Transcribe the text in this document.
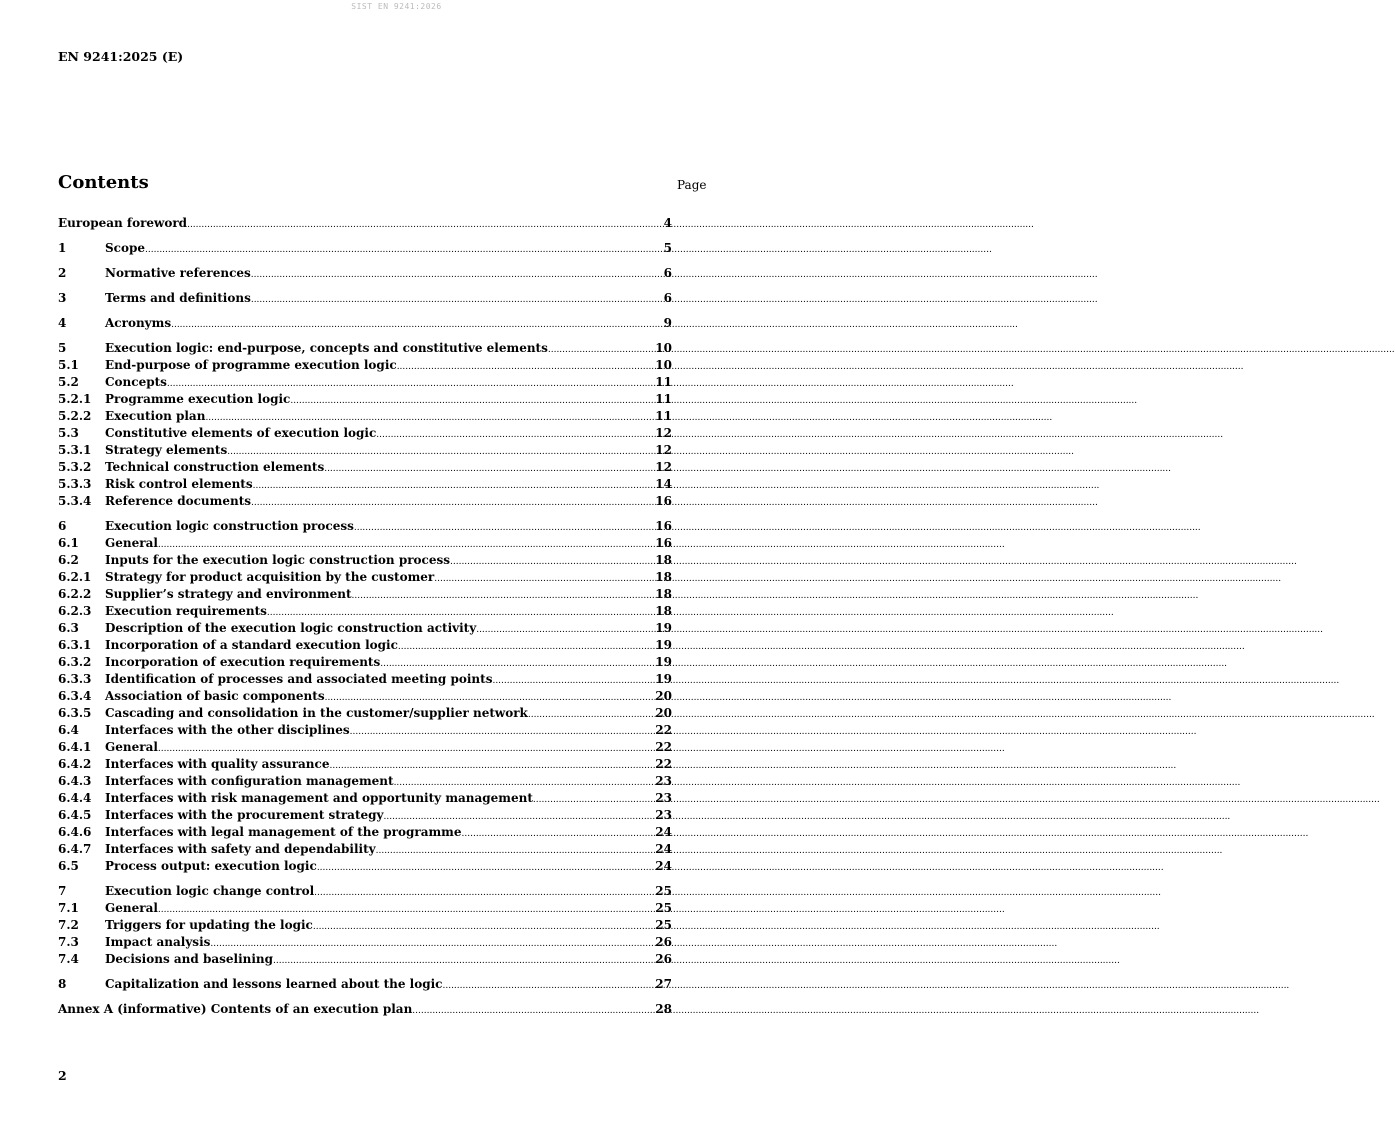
SIST EN 9241:2026
EN 9241:2025 (E)
Contents	Page
European foreword .....	4
1	Scope .....	5
2	Normative references .....	6
3	Terms and definitions .....	6
4	Acronyms .....	9
5	Execution logic: end-purpose, concepts and constitutive elements .....	10
5.1	End-purpose of programme execution logic .....	10
5.2	Concepts .....	11
5.2.1	Programme execution logic .....	11
5.2.2	Execution plan .....	11
5.3	Constitutive elements of execution logic .....	12
5.3.1	Strategy elements .....	12
5.3.2	Technical construction elements .....	12
5.3.3	Risk control elements .....	14
5.3.4	Reference documents .....	16
6	Execution logic construction process .....	16
6.1	General .....	16
6.2	Inputs for the execution logic construction process .....	18
6.2.1	Strategy for product acquisition by the customer .....	18
6.2.2	Supplier’s strategy and environment .....	18
6.2.3	Execution requirements .....	18
6.3	Description of the execution logic construction activity .....	19
6.3.1	Incorporation of a standard execution logic .....	19
6.3.2	Incorporation of execution requirements .....	19
6.3.3	Identification of processes and associated meeting points .....	19
6.3.4	Association of basic components .....	20
6.3.5	Cascading and consolidation in the customer/supplier network .....	20
6.4	Interfaces with the other disciplines .....	22
6.4.1	General .....	22
6.4.2	Interfaces with quality assurance .....	22
6.4.3	Interfaces with configuration management .....	23
6.4.4	Interfaces with risk management and opportunity management .....	23
6.4.5	Interfaces with the procurement strategy .....	23
6.4.6	Interfaces with legal management of the programme .....	24
6.4.7	Interfaces with safety and dependability .....	24
6.5	Process output: execution logic .....	24
7	Execution logic change control .....	25
7.1	General .....	25
7.2	Triggers for updating the logic .....	25
7.3	Impact analysis .....	26
7.4	Decisions and baselining .....	26
8	Capitalization and lessons learned about the logic .....	27
Annex A (informative) Contents of an execution plan .....	28
2
